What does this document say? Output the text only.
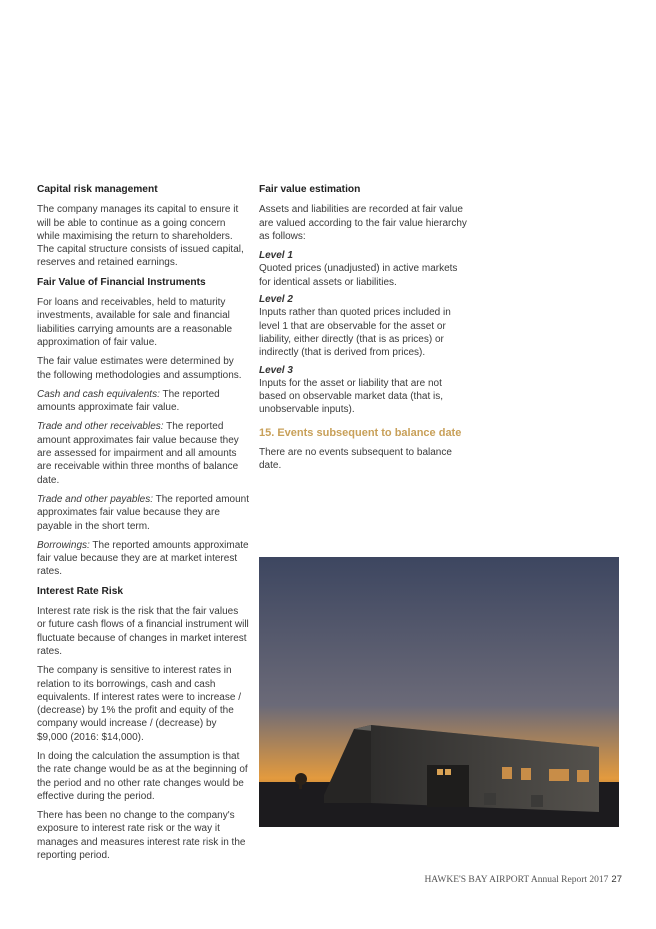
Capital risk management
The company manages its capital to ensure it will be able to continue as a going concern while maximising the return to shareholders. The capital structure consists of issued capital, reserves and retained earnings.
Fair Value of Financial Instruments
For loans and receivables, held to maturity investments, available for sale and financial liabilities carrying amounts are a reasonable approximation of fair value.
The fair value estimates were determined by the following methodologies and assumptions.
Cash and cash equivalents: The reported amounts approximate fair value.
Trade and other receivables: The reported amount approximates fair value because they are assessed for impairment and all amounts are receivable within three months of balance date.
Trade and other payables: The reported amount approximates fair value because they are payable in the short term.
Borrowings: The reported amounts approximate fair value because they are at market interest rates.
Interest Rate Risk
Interest rate risk is the risk that the fair values or future cash flows of a financial instrument will fluctuate because of changes in market interest rates.
The company is sensitive to interest rates in relation to its borrowings, cash and cash equivalents. If interest rates were to increase / (decrease) by 1% the profit and equity of the company would increase / (decrease) by $9,000 (2016: $14,000).
In doing the calculation the assumption is that the rate change would be as at the beginning of the period and no other rate changes would be effective during the period.
There has been no change to the company's exposure to interest rate risk or the way it manages and measures interest rate risk in the reporting period.
Fair value estimation
Assets and liabilities are recorded at fair value are valued according to the fair value hierarchy as follows:
Level 1
Quoted prices (unadjusted) in active markets for identical assets or liabilities.
Level 2
Inputs rather than quoted prices included in level 1 that are observable for the asset or liability, either directly (that is as prices) or indirectly (that is derived from prices).
Level 3
Inputs for the asset or liability that are not based on observable market data (that is, unobservable inputs).
15. Events subsequent to balance date
There are no events subsequent to balance date.
HAWKE'S BAY AIRPORT Annual Report 2017 27
